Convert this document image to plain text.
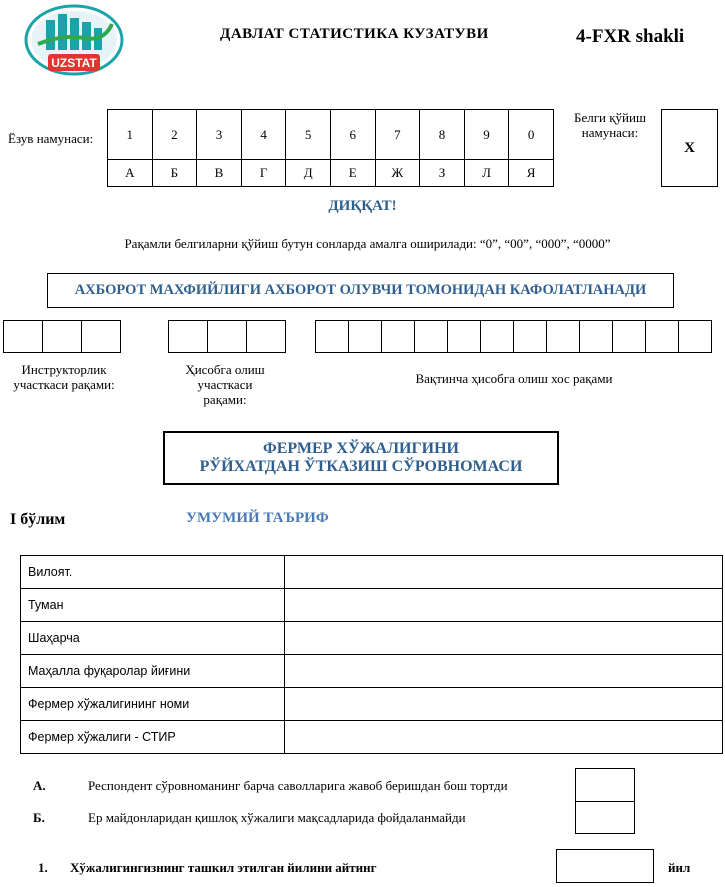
UZSTAT
ДАВЛАТ СТАТИСТИКА КУЗАТУВИ	4-FXR shakli
Ёзув намунаси:	1	2	3	4	5	6	7	8	9	0
А	Б	В	Г	Д	Е	Ж	З	Л	Я
Белги қўйиш
намунаси:
X
ДИҚҚАТ!
Рақамли белгиларни қўйиш бутун сонларда амалга оширилади: “0”, “00”, “000”, “0000”
АХБОРОТ МАХФИЙЛИГИ АХБОРОТ ОЛУВЧИ ТОМОНИДАН КАФОЛАТЛАНАДИ
Инструкторлик
участкаси рақами:
Ҳисобга олиш
участкаси
рақами:
Вақтинча ҳисобга олиш хос рақами
ФЕРМЕР ХЎЖАЛИГИНИ
РЎЙХАТДАН ЎТКАЗИШ СЎРОВНОМАСИ
I бўлим	УМУМИЙ ТАЪРИФ
Вилоят.	
Туман	
Шаҳарча	
Маҳалла фуқаролар йиғини	
Фермер хўжалигининг номи	
Фермер хўжалиги - СТИР	
А.	Респондент сўровноманинг барча саволларига жавоб беришдан бош тортди
Б.	Ер майдонларидан қишлоқ хўжалиги мақсадларида фойдаланмайди
1. Хўжалигингизнинг ташкил этилган йилини айтинг	йил
